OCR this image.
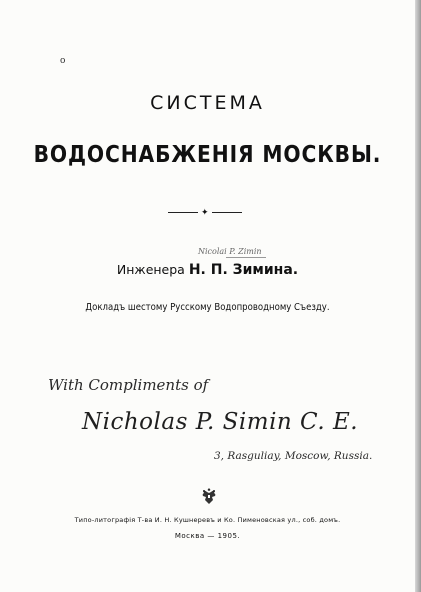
o
СИСТЕМА
ВОДОСНАБЖЕНІЯ МОСКВЫ.
✦
Nicolai P. Zimin
Инженера Н. П. Зимина.
Докладъ шестому Русскому Водопроводному Съезду.
With Compliments of
Nicholas P. Simin C. E.
3, Rasguliay, Moscow, Russia.
Типо-литографія Т-ва И. Н. Кушнеревъ и Ко. Пименовская ул., соб. домъ.
Москва — 1905.
